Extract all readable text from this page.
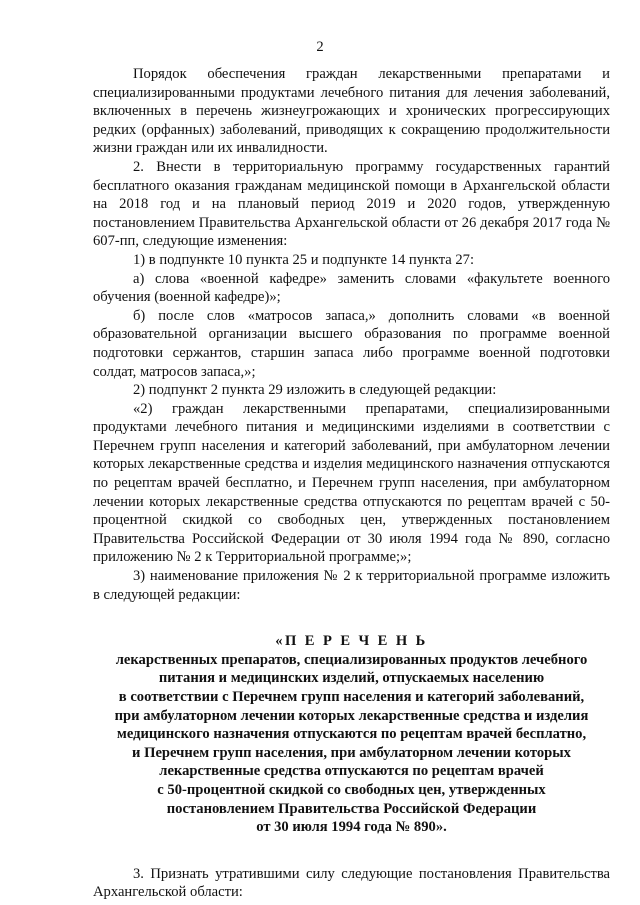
2

Порядок обеспечения граждан лекарственными препаратами и специализированными продуктами лечебного питания для лечения заболеваний, включенных в перечень жизнеугрожающих и хронических прогрессирующих редких (орфанных) заболеваний, приводящих к сокращению продолжительности жизни граждан или их инвалидности.

2. Внести в территориальную программу государственных гарантий бесплатного оказания гражданам медицинской помощи в Архангельской области на 2018 год и на плановый период 2019 и 2020 годов, утвержденную постановлением Правительства Архангельской области от 26 декабря 2017 года № 607-пп, следующие изменения:

1) в подпункте 10 пункта 25 и подпункте 14 пункта 27:

а) слова «военной кафедре» заменить словами «факультете военного обучения (военной кафедре)»;

б) после слов «матросов запаса,» дополнить словами «в военной образовательной организации высшего образования по программе военной подготовки сержантов, старшин запаса либо программе военной подготовки солдат, матросов запаса,»;

2) подпункт 2 пункта 29 изложить в следующей редакции:

«2) граждан лекарственными препаратами, специализированными продуктами лечебного питания и медицинскими изделиями в соответствии с Перечнем групп населения и категорий заболеваний, при амбулаторном лечении которых лекарственные средства и изделия медицинского назначения отпускаются по рецептам врачей бесплатно, и Перечнем групп населения, при амбулаторном лечении которых лекарственные средства отпускаются по рецептам врачей с 50-процентной скидкой со свободных цен, утвержденных постановлением Правительства Российской Федерации от 30 июля 1994 года № 890, согласно приложению № 2 к Территориальной программе;»;

3) наименование приложения № 2 к территориальной программе изложить в следующей редакции:

«П Е Р Е Ч Е Н Ь

лекарственных препаратов, специализированных продуктов лечебного

питания и медицинских изделий, отпускаемых населению

в соответствии с Перечнем групп населения и категорий заболеваний,

при амбулаторном лечении которых лекарственные средства и изделия

медицинского назначения отпускаются по рецептам врачей бесплатно,

и Перечнем групп населения, при амбулаторном лечении которых

лекарственные средства отпускаются по рецептам врачей

с 50-процентной скидкой со свободных цен, утвержденных

постановлением Правительства Российской Федерации

от 30 июля 1994 года № 890».

3. Признать утратившими силу следующие постановления Правительства Архангельской области:
